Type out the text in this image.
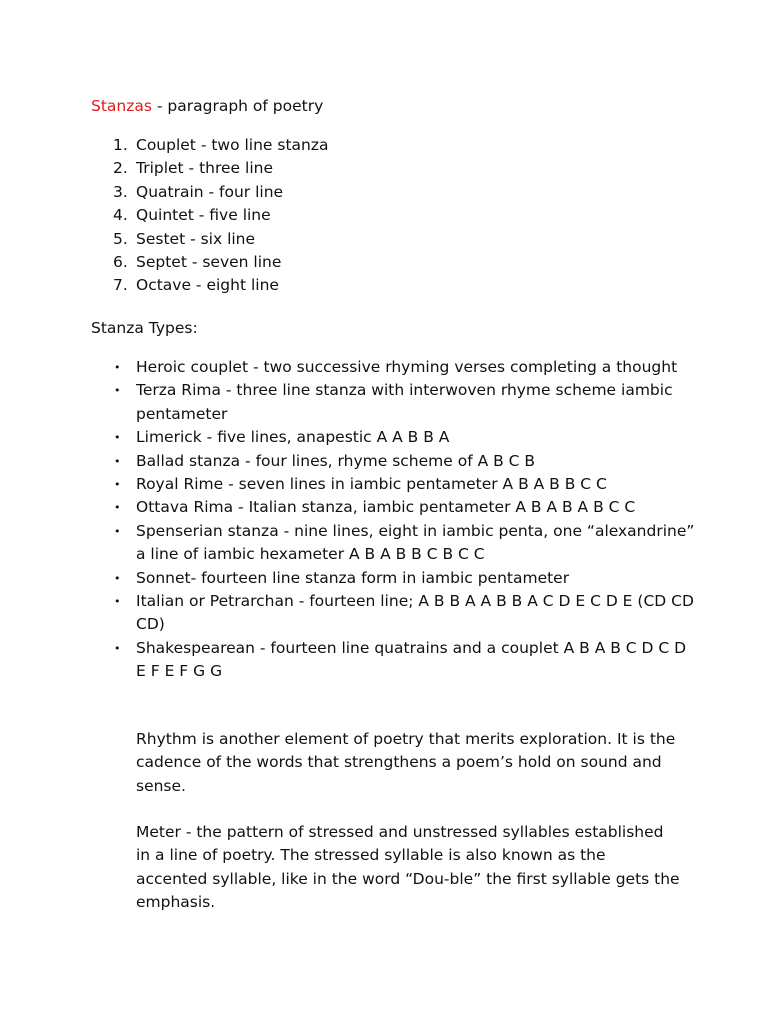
Stanzas - paragraph of poetry
1. Couplet - two line stanza
2. Triplet - three line
3. Quatrain - four line
4. Quintet - five line
5. Sestet - six line
6. Septet - seven line
7. Octave - eight line
Stanza Types:
• Heroic couplet - two successive rhyming verses completing a thought
• Terza Rima - three line stanza with interwoven rhyme scheme iambic pentameter
• Limerick - five lines, anapestic A A B B A
• Ballad stanza - four lines, rhyme scheme of A B C B
• Royal Rime - seven lines in iambic pentameter A B A B B C C
• Ottava Rima - Italian stanza, iambic pentameter A B A B A B C C
• Spenserian stanza - nine lines, eight in iambic penta, one “alexandrine” a line of iambic hexameter A B A B B C B C C
• Sonnet- fourteen line stanza form in iambic pentameter
• Italian or Petrarchan - fourteen line; A B B A A B B A C D E C D E (CD CD CD)
• Shakespearean - fourteen line quatrains and a couplet A B A B C D C D E F E F G G

Rhythm is another element of poetry that merits exploration. It is the cadence of the words that strengthens a poem’s hold on sound and sense.

Meter - the pattern of stressed and unstressed syllables established in a line of poetry. The stressed syllable is also known as the accented syllable, like in the word “Dou-ble” the first syllable gets the emphasis.
